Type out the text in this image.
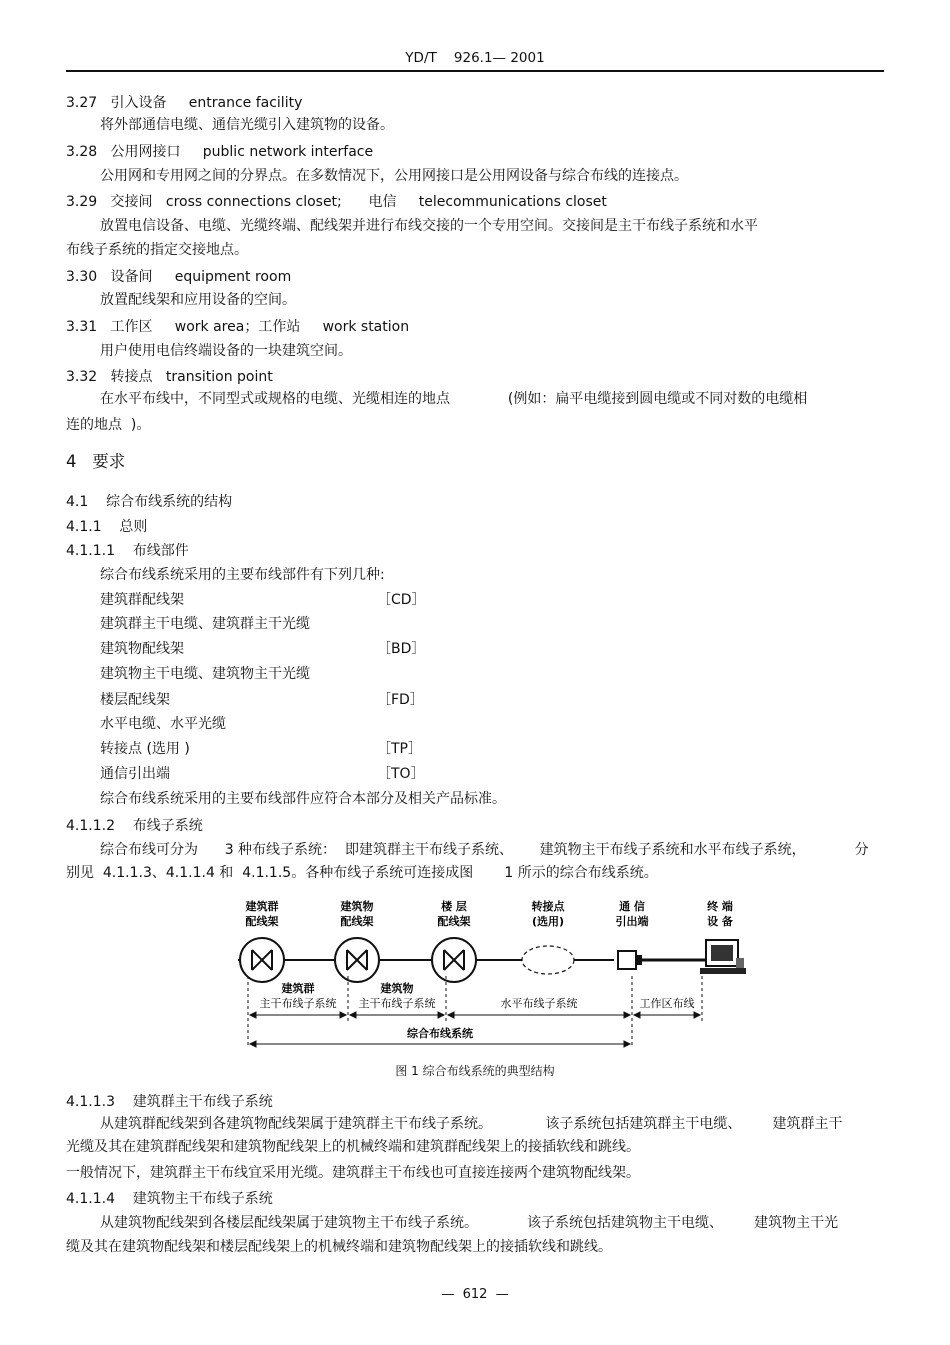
YD/T    926.1— 2001
3.27   引入设备     entrance facility
将外部通信电缆、通信光缆引入建筑物的设备。
3.28   公用网接口     public network interface
公用网和专用网之间的分界点。在多数情况下，公用网接口是公用网设备与综合布线的连接点。
3.29   交接间   cross connections closet;      电信     telecommunications closet
放置电信设备、电缆、光缆终端、配线架并进行布线交接的一个专用空间。交接间是主干布线子系统和水平
布线子系统的指定交接地点。
3.30   设备间     equipment room
放置配线架和应用设备的空间。
3.31   工作区     work area；工作站     work station
用户使用电信终端设备的一块建筑空间。
3.32   转接点   transition point
在水平布线中，不同型式或规格的电缆、光缆相连的地点             (例如：扁平电缆接到圆电缆或不同对数的电缆相
连的地点  )。
4   要求
4.1    综合布线系统的结构
4.1.1    总则
4.1.1.1    布线部件
综合布线系统采用的主要布线部件有下列几种:
建筑群配线架	［CD］
建筑群主干电缆、建筑群主干光缆
建筑物配线架	［BD］
建筑物主干电缆、建筑物主干光缆
楼层配线架	［FD］
水平电缆、水平光缆
转接点 (选用 )	［TP］
通信引出端	［TO］
综合布线系统采用的主要布线部件应符合本部分及相关产品标准。
4.1.1.2    布线子系统
综合布线可分为      3 种布线子系统：  即建筑群主干布线子系统、      建筑物主干布线子系统和水平布线子系统，           分
别见  4.1.1.3、4.1.1.4 和  4.1.1.5。各种布线子系统可连接成图       1 所示的综合布线系统。
建筑群
配线架
建筑物
配线架
楼 层
配线架
转接点
(选用)
通 信
引出端
终 端
设 备
建筑群
主干布线子系统
建筑物
主干布线子系统	水平布线子系统	工作区布线
综合布线系统
图 1 综合布线系统的典型结构
4.1.1.3    建筑群主干布线子系统
从建筑群配线架到各建筑物配线架属于建筑群主干布线子系统。            该子系统包括建筑群主干电缆、       建筑群主干
光缆及其在建筑群配线架和建筑物配线架上的机械终端和建筑群配线架上的接插软线和跳线。
一般情况下，建筑群主干布线宜采用光缆。建筑群主干布线也可直接连接两个建筑物配线架。
4.1.1.4    建筑物主干布线子系统
从建筑物配线架到各楼层配线架属于建筑物主干布线子系统。           该子系统包括建筑物主干电缆、       建筑物主干光
缆及其在建筑物配线架和楼层配线架上的机械终端和建筑物配线架上的接插软线和跳线。
—  612  —
